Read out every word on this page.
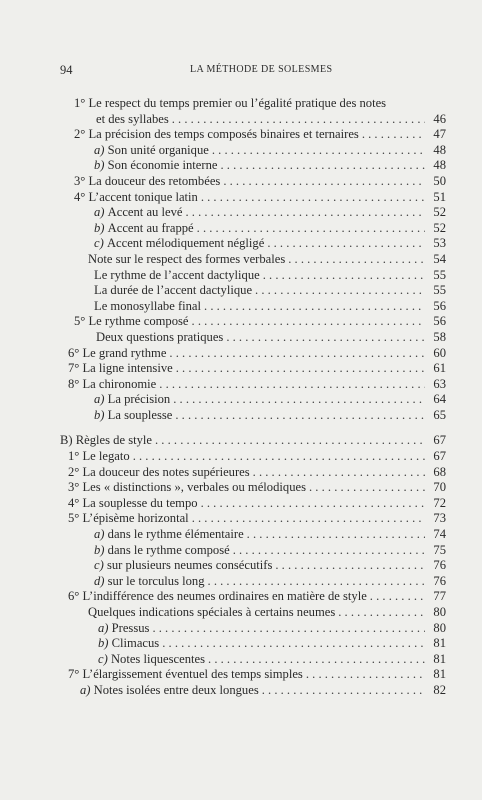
94	LA MÉTHODE DE SOLESMES
1° Le respect du temps premier ou l’égalité pratique des notes
et des syllabes . . .	46
2° La précision des temps composés binaires et ternaires . . .	47
a) Son unité organique . . .	48
b) Son économie interne . . .	48
3° La douceur des retombées . . .	50
4° L’accent tonique latin . . .	51
a) Accent au levé . . .	52
b) Accent au frappé . . .	52
c) Accent mélodiquement négligé . . .	53
Note sur le respect des formes verbales . . .	54
Le rythme de l’accent dactylique . . .	55
La durée de l’accent dactylique . . .	55
Le monosyllabe final . . .	56
5° Le rythme composé . . .	56
Deux questions pratiques . . .	58
6° Le grand rythme . . .	60
7° La ligne intensive . . .	61
8° La chironomie . . .	63
a) La précision . . .	64
b) La souplesse . . .	65
B) Règles de style . . .	67
1° Le legato . . .	67
2° La douceur des notes supérieures . . .	68
3° Les « distinctions », verbales ou mélodiques . . .	70
4° La souplesse du tempo . . .	72
5° L’épisème horizontal . . .	73
a) dans le rythme élémentaire . . .	74
b) dans le rythme composé . . .	75
c) sur plusieurs neumes consécutifs . . .	76
d) sur le torculus long . . .	76
6° L’indifférence des neumes ordinaires en matière de style . . .	77
Quelques indications spéciales à certains neumes . . .	80
a) Pressus . . .	80
b) Climacus . . .	81
c) Notes liquescentes . . .	81
7° L’élargissement éventuel des temps simples . . .	81
a) Notes isolées entre deux longues . . .	82
